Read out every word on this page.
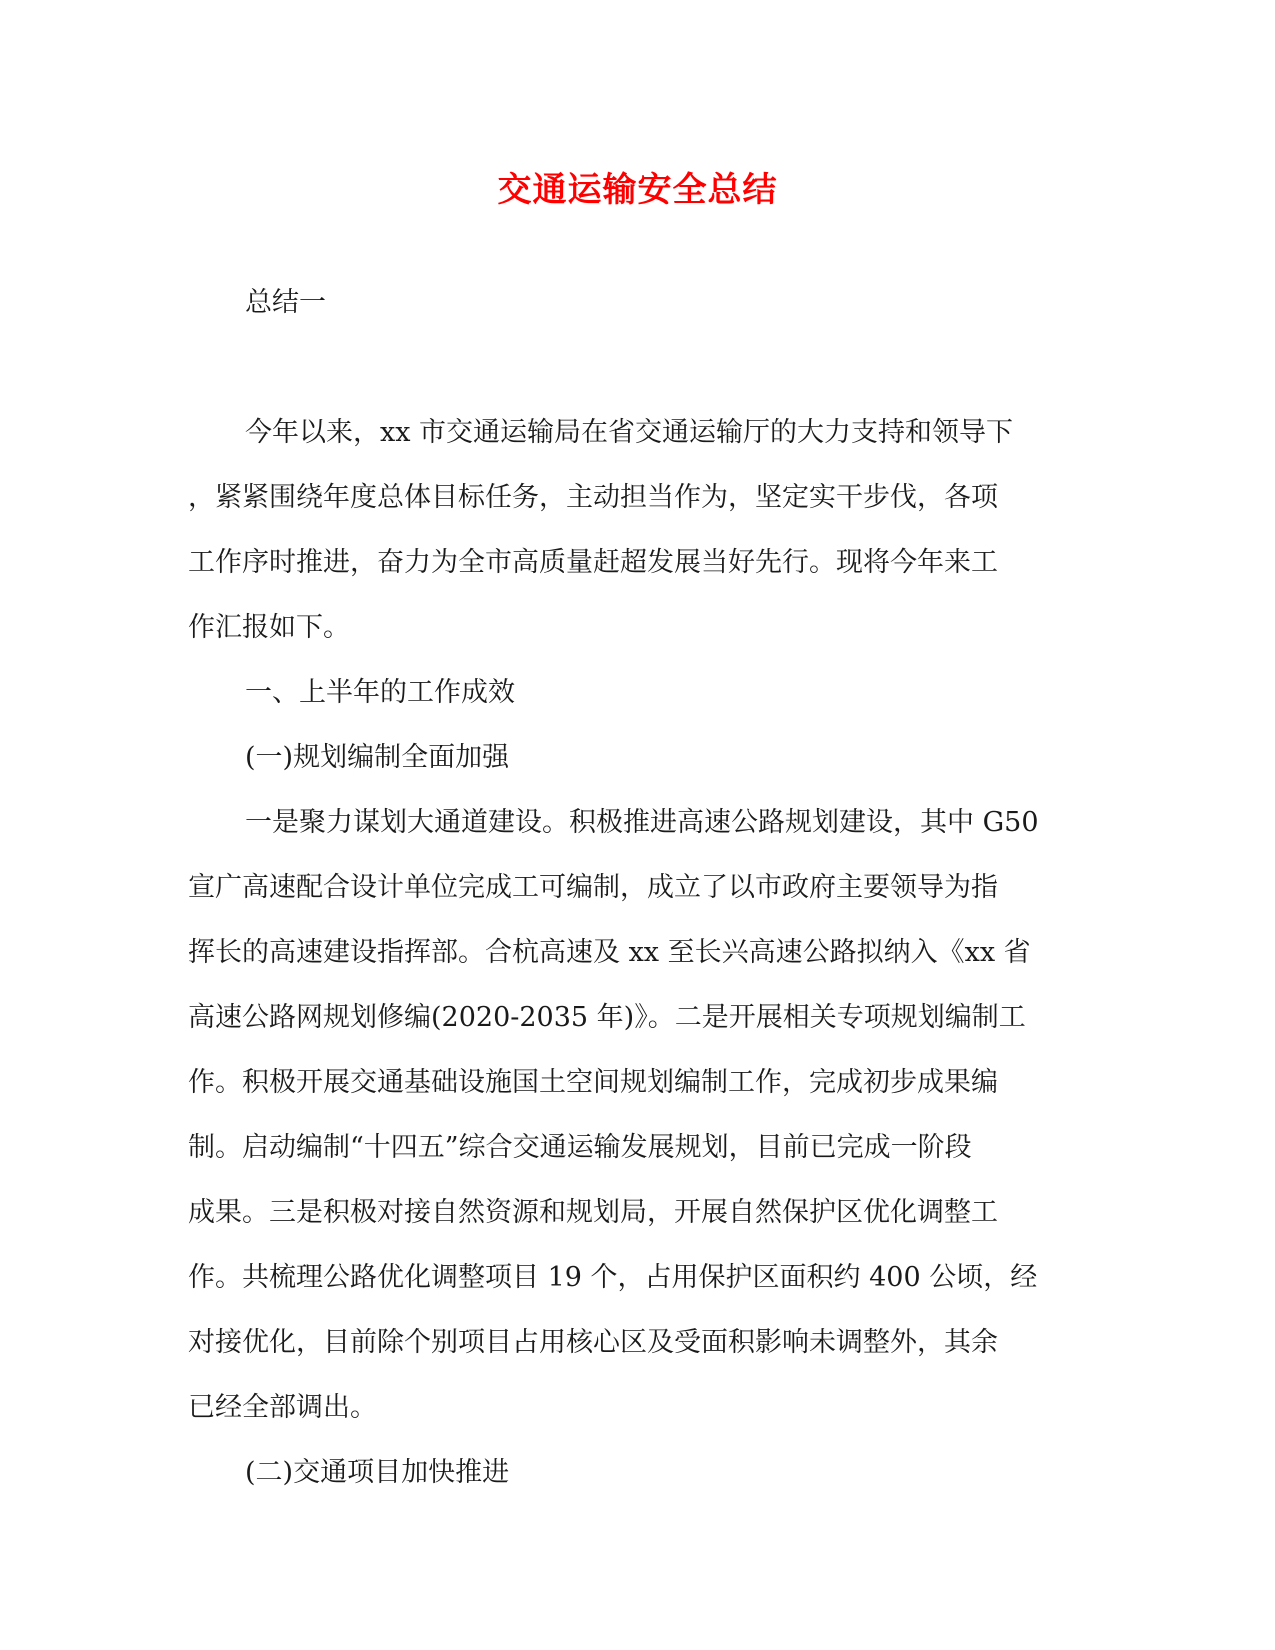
交通运输安全总结
总结一
今年以来，xx 市交通运输局在省交通运输厅的大力支持和领导下
，紧紧围绕年度总体目标任务，主动担当作为，坚定实干步伐，各项
工作序时推进，奋力为全市高质量赶超发展当好先行。现将今年来工
作汇报如下。
一、上半年的工作成效
(一)规划编制全面加强
一是聚力谋划大通道建设。积极推进高速公路规划建设，其中 G50
宣广高速配合设计单位完成工可编制，成立了以市政府主要领导为指
挥长的高速建设指挥部。合杭高速及 xx 至长兴高速公路拟纳入《xx 省
高速公路网规划修编(2020-2035 年)》。二是开展相关专项规划编制工
作。积极开展交通基础设施国土空间规划编制工作，完成初步成果编
制。启动编制“十四五”综合交通运输发展规划，目前已完成一阶段
成果。三是积极对接自然资源和规划局，开展自然保护区优化调整工
作。共梳理公路优化调整项目 19 个，占用保护区面积约 400 公顷，经
对接优化，目前除个别项目占用核心区及受面积影响未调整外，其余
已经全部调出。
(二)交通项目加快推进
